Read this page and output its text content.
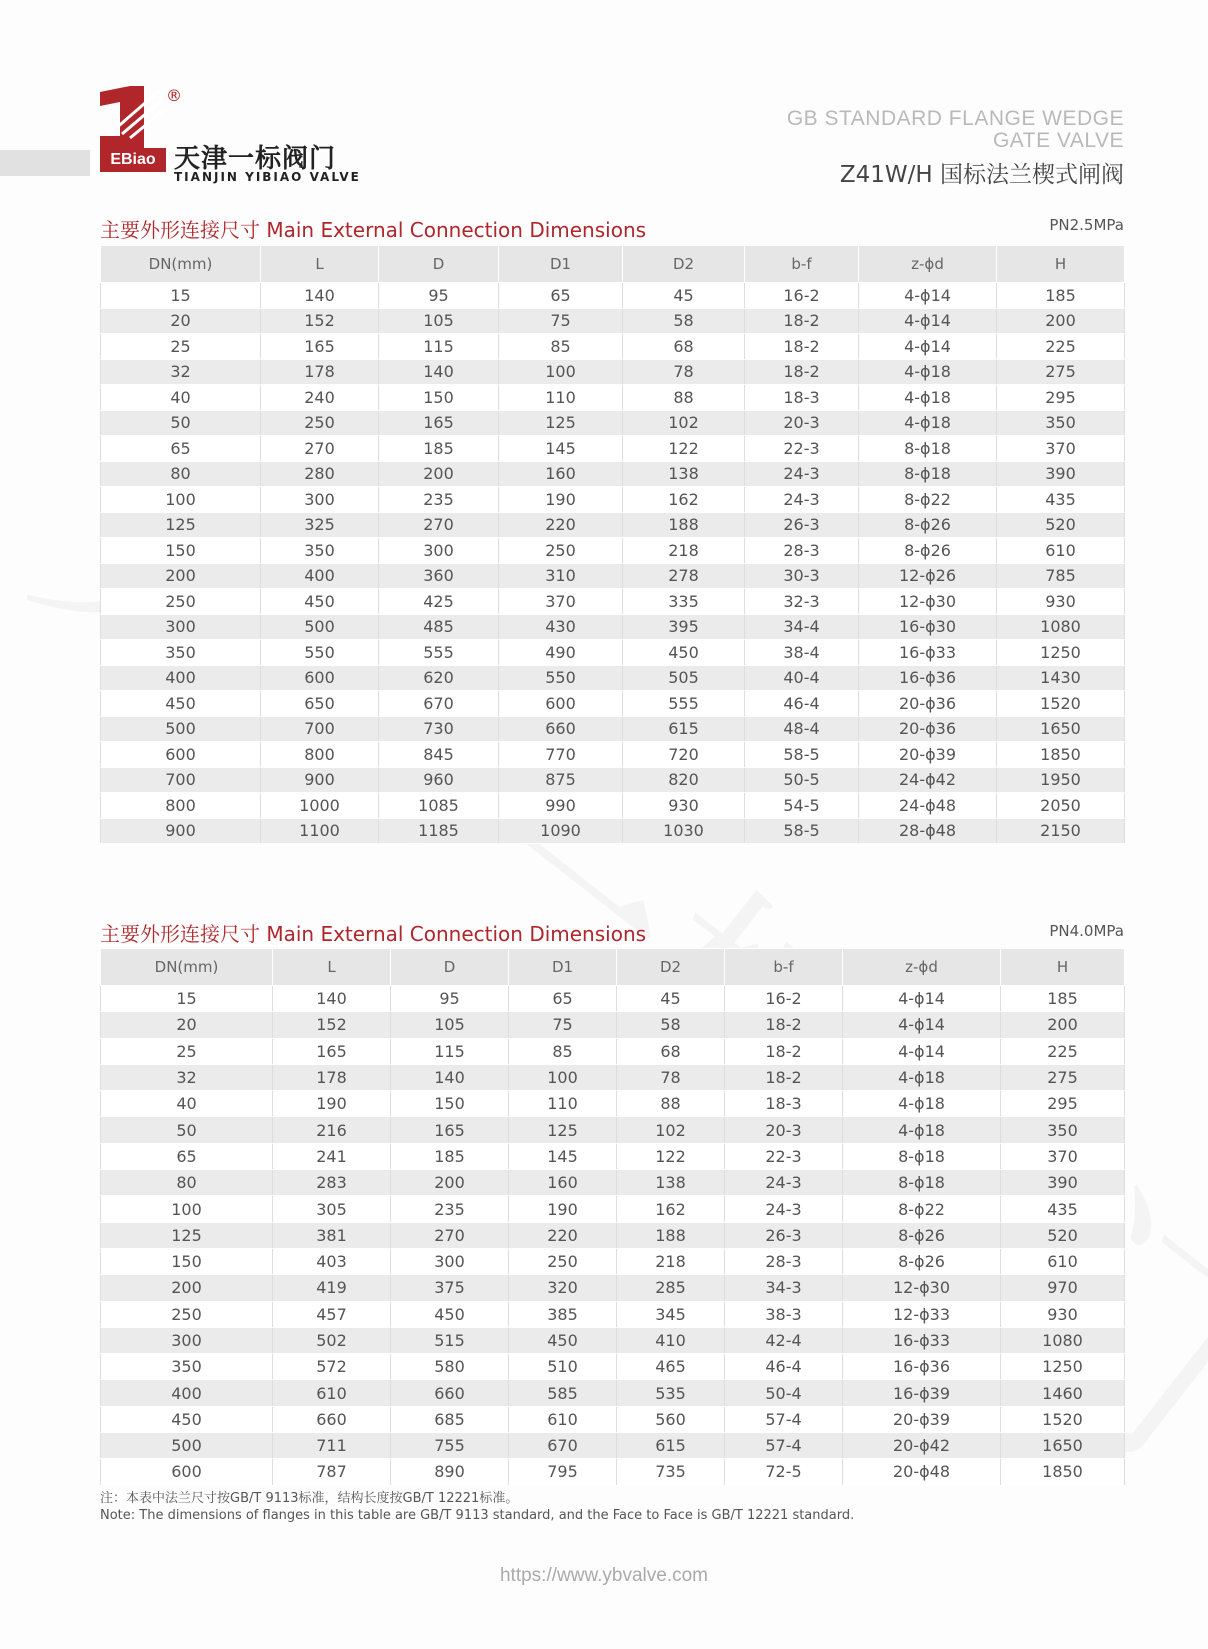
®
EBiao 天津一标阀门
TIANJIN YIBIAO VALVE
GB STANDARD FLANGE WEDGE
GATE VALVE
Z41W/H 国标法兰楔式闸阀
主要外形连接尺寸 Main External Connection Dimensions	PN2.5MPa
DN(mm)	L	D	D1	D2	b-f	z-ϕd	H
15	140	95	65	45	16-2	4-ϕ14	185
20	152	105	75	58	18-2	4-ϕ14	200
25	165	115	85	68	18-2	4-ϕ14	225
32	178	140	100	78	18-2	4-ϕ18	275
40	240	150	110	88	18-3	4-ϕ18	295
50	250	165	125	102	20-3	4-ϕ18	350
65	270	185	145	122	22-3	8-ϕ18	370
80	280	200	160	138	24-3	8-ϕ18	390
100	300	235	190	162	24-3	8-ϕ22	435
125	325	270	220	188	26-3	8-ϕ26	520
150	350	300	250	218	28-3	8-ϕ26	610
200	400	360	310	278	30-3	12-ϕ26	785
250	450	425	370	335	32-3	12-ϕ30	930
300	500	485	430	395	34-4	16-ϕ30	1080
350	550	555	490	450	38-4	16-ϕ33	1250
400	600	620	550	505	40-4	16-ϕ36	1430
450	650	670	600	555	46-4	20-ϕ36	1520
500	700	730	660	615	48-4	20-ϕ36	1650
600	800	845	770	720	58-5	20-ϕ39	1850
700	900	960	875	820	50-5	24-ϕ42	1950
800	1000	1085	990	930	54-5	24-ϕ48	2050
900	1100	1185	1090	1030	58-5	28-ϕ48	2150
主要外形连接尺寸 Main External Connection Dimensions	PN4.0MPa
DN(mm)	L	D	D1	D2	b-f	z-ϕd	H
15	140	95	65	45	16-2	4-ϕ14	185
20	152	105	75	58	18-2	4-ϕ14	200
25	165	115	85	68	18-2	4-ϕ14	225
32	178	140	100	78	18-2	4-ϕ18	275
40	190	150	110	88	18-3	4-ϕ18	295
50	216	165	125	102	20-3	4-ϕ18	350
65	241	185	145	122	22-3	8-ϕ18	370
80	283	200	160	138	24-3	8-ϕ18	390
100	305	235	190	162	24-3	8-ϕ22	435
125	381	270	220	188	26-3	8-ϕ26	520
150	403	300	250	218	28-3	8-ϕ26	610
200	419	375	320	285	34-3	12-ϕ30	970
250	457	450	385	345	38-3	12-ϕ33	930
300	502	515	450	410	42-4	16-ϕ33	1080
350	572	580	510	465	46-4	16-ϕ36	1250
400	610	660	585	535	50-4	16-ϕ39	1460
450	660	685	610	560	57-4	20-ϕ39	1520
500	711	755	670	615	57-4	20-ϕ42	1650
600	787	890	795	735	72-5	20-ϕ48	1850
注：本表中法兰尺寸按GB/T 9113标准，结构长度按GB/T 12221标准。
Note: The dimensions of flanges in this table are GB/T 9113 standard, and the Face to Face is GB/T 12221 standard.
https://www.ybvalve.com
